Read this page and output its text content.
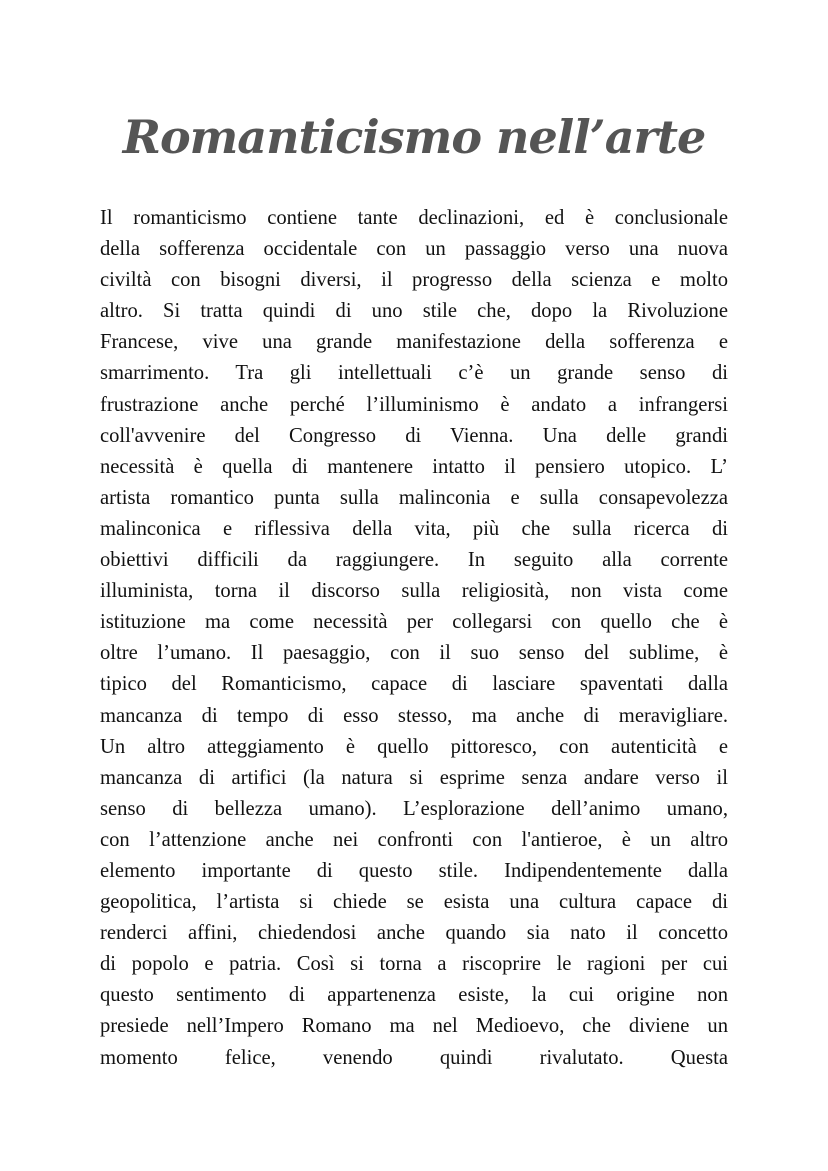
Romanticismo nell’arte
Il romanticismo contiene tante declinazioni, ed è conclusionale
della sofferenza occidentale con un passaggio verso una nuova
civiltà con bisogni diversi, il progresso della scienza e molto
altro. Si tratta quindi di uno stile che, dopo la Rivoluzione
Francese, vive una grande manifestazione della sofferenza e
smarrimento. Tra gli intellettuali c’è un grande senso di
frustrazione anche perché l’illuminismo è andato a infrangersi
coll'avvenire del Congresso di Vienna. Una delle grandi
necessità è quella di mantenere intatto il pensiero utopico. L’
artista romantico punta sulla malinconia e sulla consapevolezza
malinconica e riflessiva della vita, più che sulla ricerca di
obiettivi difficili da raggiungere. In seguito alla corrente
illuminista, torna il discorso sulla religiosità, non vista come
istituzione ma come necessità per collegarsi con quello che è
oltre l’umano. Il paesaggio, con il suo senso del sublime, è
tipico del Romanticismo, capace di lasciare spaventati dalla
mancanza di tempo di esso stesso, ma anche di meravigliare.
Un altro atteggiamento è quello pittoresco, con autenticità e
mancanza di artifici (la natura si esprime senza andare verso il
senso di bellezza umano). L’esplorazione dell’animo umano,
con l’attenzione anche nei confronti con l'antieroe, è un altro
elemento importante di questo stile. Indipendentemente dalla
geopolitica, l’artista si chiede se esista una cultura capace di
renderci affini, chiedendosi anche quando sia nato il concetto
di popolo e patria. Così si torna a riscoprire le ragioni per cui
questo sentimento di appartenenza esiste, la cui origine non
presiede nell’Impero Romano ma nel Medioevo, che diviene un
momento felice, venendo quindi rivalutato. Questa
